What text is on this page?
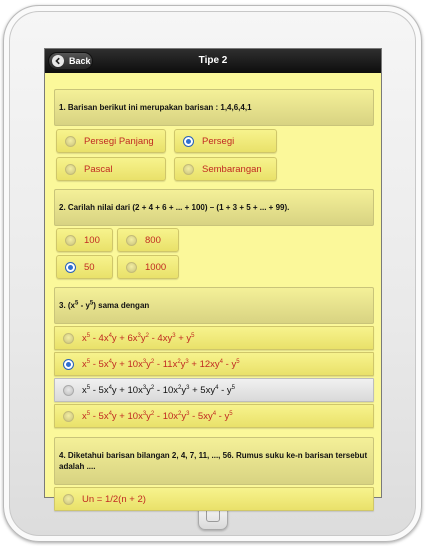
Back	Tipe 2
1. Barisan berikut ini merupakan barisan : 1,4,6,4,1
Persegi Panjang	Persegi
Pascal	Sembarangan
2. Carilah nilai dari (2 + 4 + 6 + ... + 100) – (1 + 3 + 5 + ... + 99).
100	800
50	1000
3. $(x^5 - y^5)$ sama dengan
$x^5 - 4x^4y + 6x^3y^2 - 4xy^3 + y^5$
$x^5 - 5x^4y + 10x^3y^2 - 11x^2y^3 + 12xy^4 - y^5$
$x^5 - 5x^4y + 10x^3y^2 - 10x^2y^3 + 5xy^4 - y^5$
$x^5 - 5x^4y + 10x^3y^2 - 10x^2y^3 - 5xy^4 - y^5$
4. Diketahui barisan bilangan 2, 4, 7, 11, ..., 56. Rumus suku ke-n barisan tersebut adalah ....
Un = 1/2(n + 2)
